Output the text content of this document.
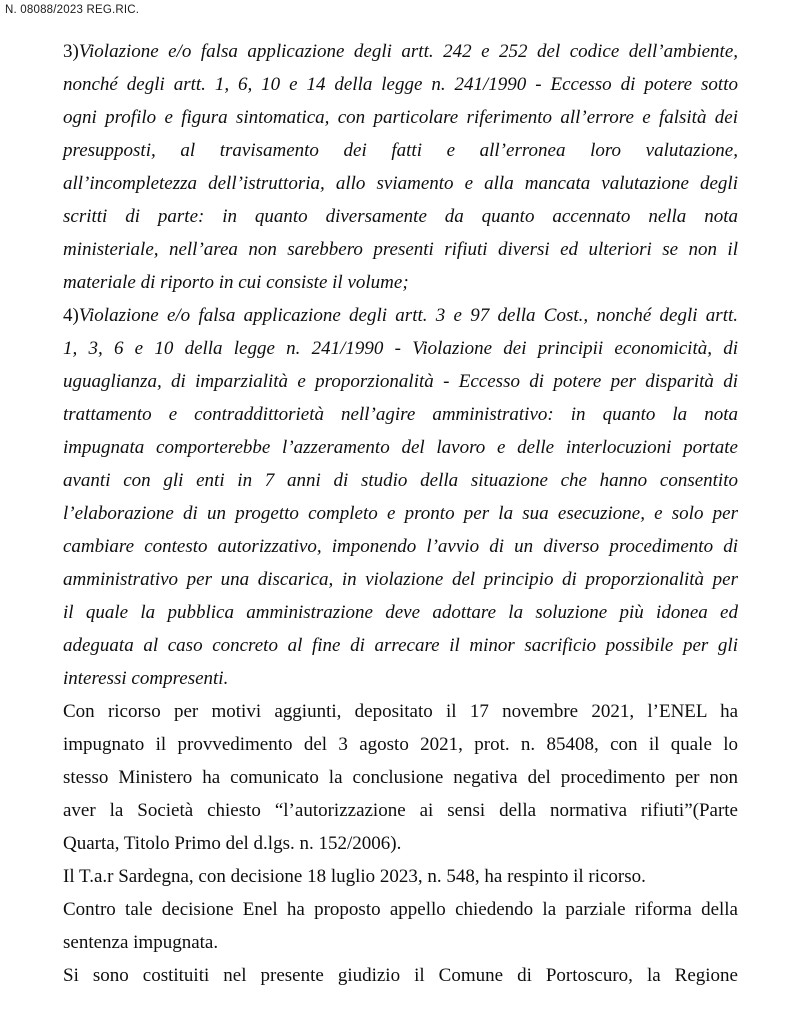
N. 08088/2023 REG.RIC.
3)Violazione e/o falsa applicazione degli artt. 242 e 252 del codice dell’ambiente,
nonché degli artt. 1, 6, 10 e 14 della legge n. 241/1990 - Eccesso di potere sotto
ogni profilo e figura sintomatica, con particolare riferimento all’errore e falsità dei
presupposti, al travisamento dei fatti e all’erronea loro valutazione,
all’incompletezza dell’istruttoria, allo sviamento e alla mancata valutazione degli
scritti di parte: in quanto diversamente da quanto accennato nella nota
ministeriale, nell’area non sarebbero presenti rifiuti diversi ed ulteriori se non il
materiale di riporto in cui consiste il volume;
4)Violazione e/o falsa applicazione degli artt. 3 e 97 della Cost., nonché degli artt.
1, 3, 6 e 10 della legge n. 241/1990 - Violazione dei principii economicità, di
uguaglianza, di imparzialità e proporzionalità - Eccesso di potere per disparità di
trattamento e contraddittorietà nell’agire amministrativo: in quanto la nota
impugnata comporterebbe l’azzeramento del lavoro e delle interlocuzioni portate
avanti con gli enti in 7 anni di studio della situazione che hanno consentito
l’elaborazione di un progetto completo e pronto per la sua esecuzione, e solo per
cambiare contesto autorizzativo, imponendo l’avvio di un diverso procedimento di
amministrativo per una discarica, in violazione del principio di proporzionalità per
il quale la pubblica amministrazione deve adottare la soluzione più idonea ed
adeguata al caso concreto al fine di arrecare il minor sacrificio possibile per gli
interessi compresenti.
Con ricorso per motivi aggiunti, depositato il 17 novembre 2021, l’ENEL ha
impugnato il provvedimento del 3 agosto 2021, prot. n. 85408, con il quale lo
stesso Ministero ha comunicato la conclusione negativa del procedimento per non
aver la Società chiesto “l’autorizzazione ai sensi della normativa rifiuti”(Parte
Quarta, Titolo Primo del d.lgs. n. 152/2006).
Il T.a.r Sardegna, con decisione 18 luglio 2023, n. 548, ha respinto il ricorso.
Contro tale decisione Enel ha proposto appello chiedendo la parziale riforma della
sentenza impugnata.
Si sono costituiti nel presente giudizio il Comune di Portoscuro, la Regione
